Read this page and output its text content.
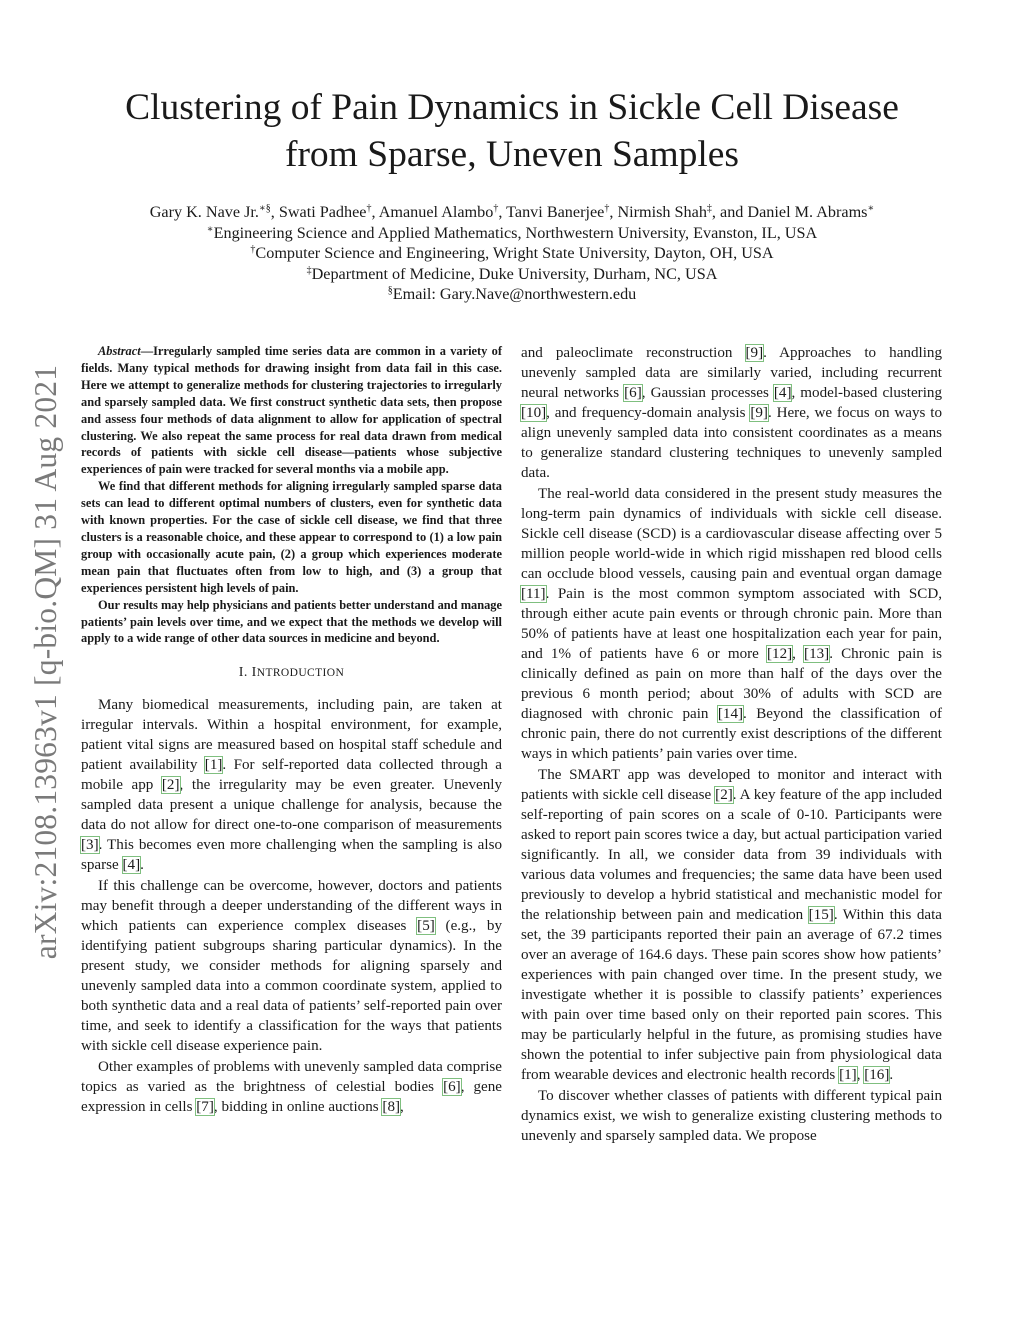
arXiv:2108.13963v1 [q-bio.QM] 31 Aug 2021
Clustering of Pain Dynamics in Sickle Cell Disease
from Sparse, Uneven Samples
Gary K. Nave Jr.∗§, Swati Padhee†, Amanuel Alambo†, Tanvi Banerjee†, Nirmish Shah‡, and Daniel M. Abrams∗
∗Engineering Science and Applied Mathematics, Northwestern University, Evanston, IL, USA
†Computer Science and Engineering, Wright State University, Dayton, OH, USA
‡Department of Medicine, Duke University, Durham, NC, USA
§Email: Gary.Nave@northwestern.edu

Abstract—Irregularly sampled time series data are common in a variety of fields. Many typical methods for drawing insight from data fail in this case. Here we attempt to generalize methods for clustering trajectories to irregularly and sparsely sampled data. We first construct synthetic data sets, then propose and assess four methods of data alignment to allow for application of spectral clustering. We also repeat the same process for real data drawn from medical records of patients with sickle cell disease—patients whose subjective experiences of pain were tracked for several months via a mobile app.

We find that different methods for aligning irregularly sampled sparse data sets can lead to different optimal numbers of clusters, even for synthetic data with known properties. For the case of sickle cell disease, we find that three clusters is a reasonable choice, and these appear to correspond to (1) a low pain group with occasionally acute pain, (2) a group which experiences moderate mean pain that fluctuates often from low to high, and (3) a group that experiences persistent high levels of pain.

Our results may help physicians and patients better understand and manage patients’ pain levels over time, and we expect that the methods we develop will apply to a wide range of other data sources in medicine and beyond.

I. INTRODUCTION

Many biomedical measurements, including pain, are taken at irregular intervals. Within a hospital environment, for example, patient vital signs are measured based on hospital staff schedule and patient availability [1]. For self-reported data collected through a mobile app [2], the irregularity may be even greater. Unevenly sampled data present a unique challenge for analysis, because the data do not allow for direct one-to-one comparison of measurements [3]. This becomes even more challenging when the sampling is also sparse [4].

If this challenge can be overcome, however, doctors and patients may benefit through a deeper understanding of the different ways in which patients can experience complex diseases [5] (e.g., by identifying patient subgroups sharing particular dynamics). In the present study, we consider methods for aligning sparsely and unevenly sampled data into a common coordinate system, applied to both synthetic data and a real data of patients’ self-reported pain over time, and seek to identify a classification for the ways that patients with sickle cell disease experience pain.

Other examples of problems with unevenly sampled data comprise topics as varied as the brightness of celestial bodies [6], gene expression in cells [7], bidding in online auctions [8],

and paleoclimate reconstruction [9]. Approaches to handling unevenly sampled data are similarly varied, including recurrent neural networks [6], Gaussian processes [4], model-based clustering [10], and frequency-domain analysis [9]. Here, we focus on ways to align unevenly sampled data into consistent coordinates as a means to generalize standard clustering techniques to unevenly sampled data.

The real-world data considered in the present study measures the long-term pain dynamics of individuals with sickle cell disease. Sickle cell disease (SCD) is a cardiovascular disease affecting over 5 million people world-wide in which rigid misshapen red blood cells can occlude blood vessels, causing pain and eventual organ damage [11]. Pain is the most common symptom associated with SCD, through either acute pain events or through chronic pain. More than 50% of patients have at least one hospitalization each year for pain, and 1% of patients have 6 or more [12], [13]. Chronic pain is clinically defined as pain on more than half of the days over the previous 6 month period; about 30% of adults with SCD are diagnosed with chronic pain [14]. Beyond the classification of chronic pain, there do not currently exist descriptions of the different ways in which patients’ pain varies over time.

The SMART app was developed to monitor and interact with patients with sickle cell disease [2]. A key feature of the app included self-reporting of pain scores on a scale of 0-10. Participants were asked to report pain scores twice a day, but actual participation varied significantly. In all, we consider data from 39 individuals with various data volumes and frequencies; the same data have been used previously to develop a hybrid statistical and mechanistic model for the relationship between pain and medication [15]. Within this data set, the 39 participants reported their pain an average of 67.2 times over an average of 164.6 days. These pain scores show how patients’ experiences with pain changed over time. In the present study, we investigate whether it is possible to classify patients’ experiences with pain over time based only on their reported pain scores. This may be particularly helpful in the future, as promising studies have shown the potential to infer subjective pain from physiological data from wearable devices and electronic health records [1], [16].

To discover whether classes of patients with different typical pain dynamics exist, we wish to generalize existing clustering methods to unevenly and sparsely sampled data. We propose
